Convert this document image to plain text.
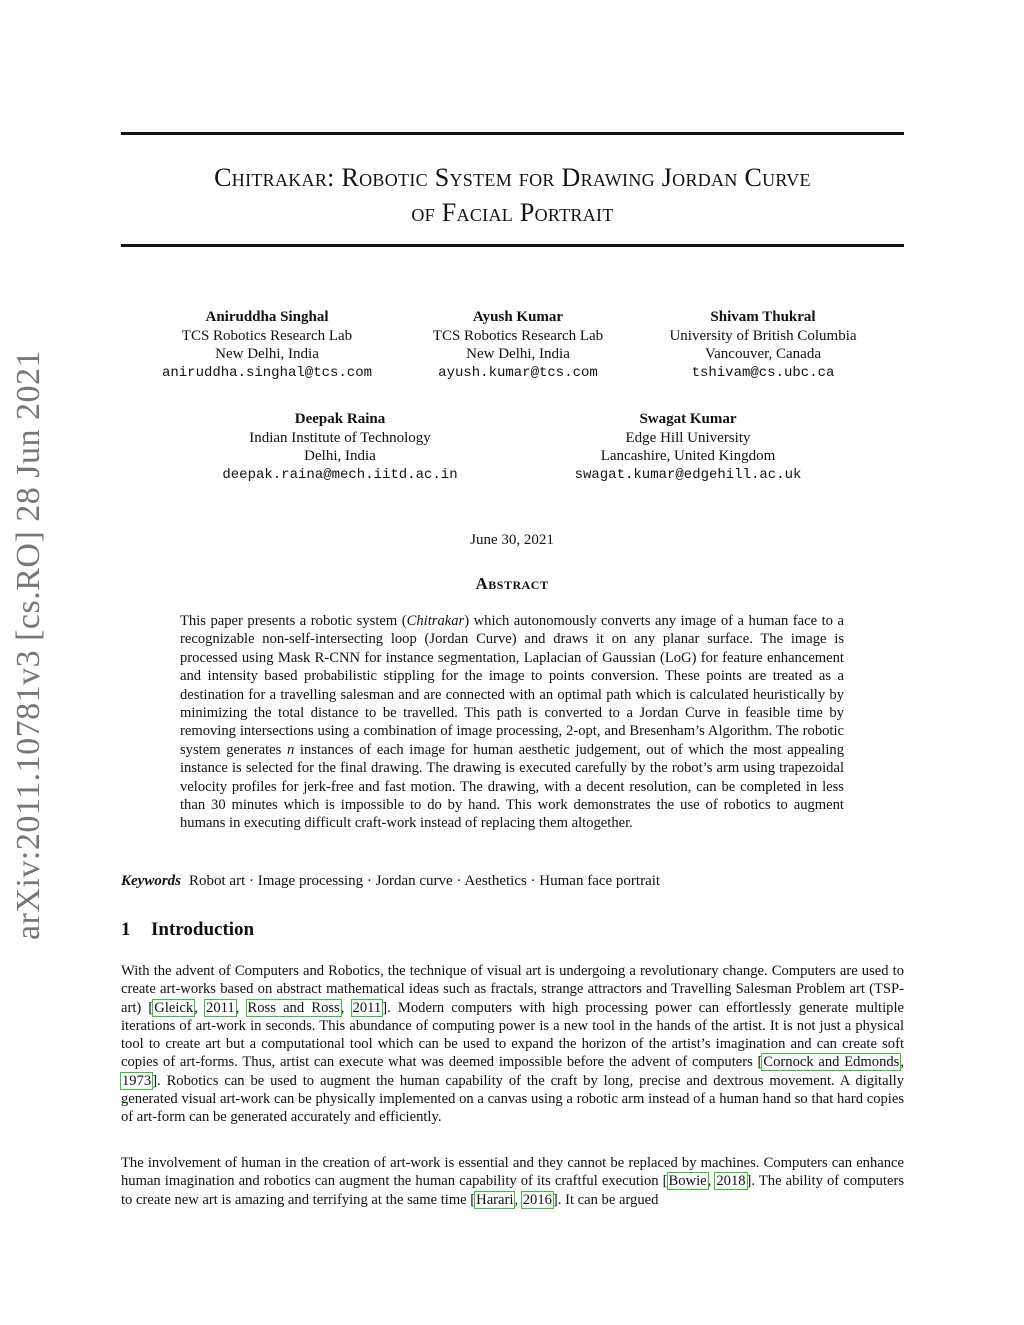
arXiv:2011.10781v3 [cs.RO] 28 Jun 2021
Chitrakar: Robotic System for Drawing Jordan Curve
of Facial Portrait
Aniruddha Singhal
TCS Robotics Research Lab
New Delhi, India
aniruddha.singhal@tcs.com
Ayush Kumar
TCS Robotics Research Lab
New Delhi, India
ayush.kumar@tcs.com
Shivam Thukral
University of British Columbia
Vancouver, Canada
tshivam@cs.ubc.ca
Deepak Raina
Indian Institute of Technology
Delhi, India
deepak.raina@mech.iitd.ac.in
Swagat Kumar
Edge Hill University
Lancashire, United Kingdom
swagat.kumar@edgehill.ac.uk
June 30, 2021
Abstract
This paper presents a robotic system (Chitrakar) which autonomously converts any image of a human face to a recognizable non-self-intersecting loop (Jordan Curve) and draws it on any planar surface. The image is processed using Mask R-CNN for instance segmentation, Laplacian of Gaussian (LoG) for feature enhancement and intensity based probabilistic stippling for the image to points conversion. These points are treated as a destination for a travelling salesman and are connected with an optimal path which is calculated heuristically by minimizing the total distance to be travelled. This path is converted to a Jordan Curve in feasible time by removing intersections using a combination of image processing, 2-opt, and Bresenham’s Algorithm. The robotic system generates n instances of each image for human aesthetic judgement, out of which the most appealing instance is selected for the final drawing. The drawing is executed carefully by the robot’s arm using trapezoidal velocity profiles for jerk-free and fast motion. The drawing, with a decent resolution, can be completed in less than 30 minutes which is impossible to do by hand. This work demonstrates the use of robotics to augment humans in executing difficult craft-work instead of replacing them altogether.
Keywords Robot art · Image processing · Jordan curve · Aesthetics · Human face portrait
1 Introduction

With the advent of Computers and Robotics, the technique of visual art is undergoing a revolutionary change. Computers are used to create art-works based on abstract mathematical ideas such as fractals, strange attractors and Travelling Salesman Problem art (TSP-art) [Gleick, 2011, Ross and Ross, 2011]. Modern computers with high processing power can effortlessly generate multiple iterations of art-work in seconds. This abundance of computing power is a new tool in the hands of the artist. It is not just a physical tool to create art but a computational tool which can be used to expand the horizon of the artist’s imagination and can create soft copies of art-forms. Thus, artist can execute what was deemed impossible before the advent of computers [Cornock and Edmonds, 1973]. Robotics can be used to augment the human capability of the craft by long, precise and dextrous movement. A digitally generated visual art-work can be physically implemented on a canvas using a robotic arm instead of a human hand so that hard copies of art-form can be generated accurately and efficiently.

The involvement of human in the creation of art-work is essential and they cannot be replaced by machines. Computers can enhance human imagination and robotics can augment the human capability of its craftful execution [Bowie, 2018]. The ability of computers to create new art is amazing and terrifying at the same time [Harari, 2016]. It can be argued
